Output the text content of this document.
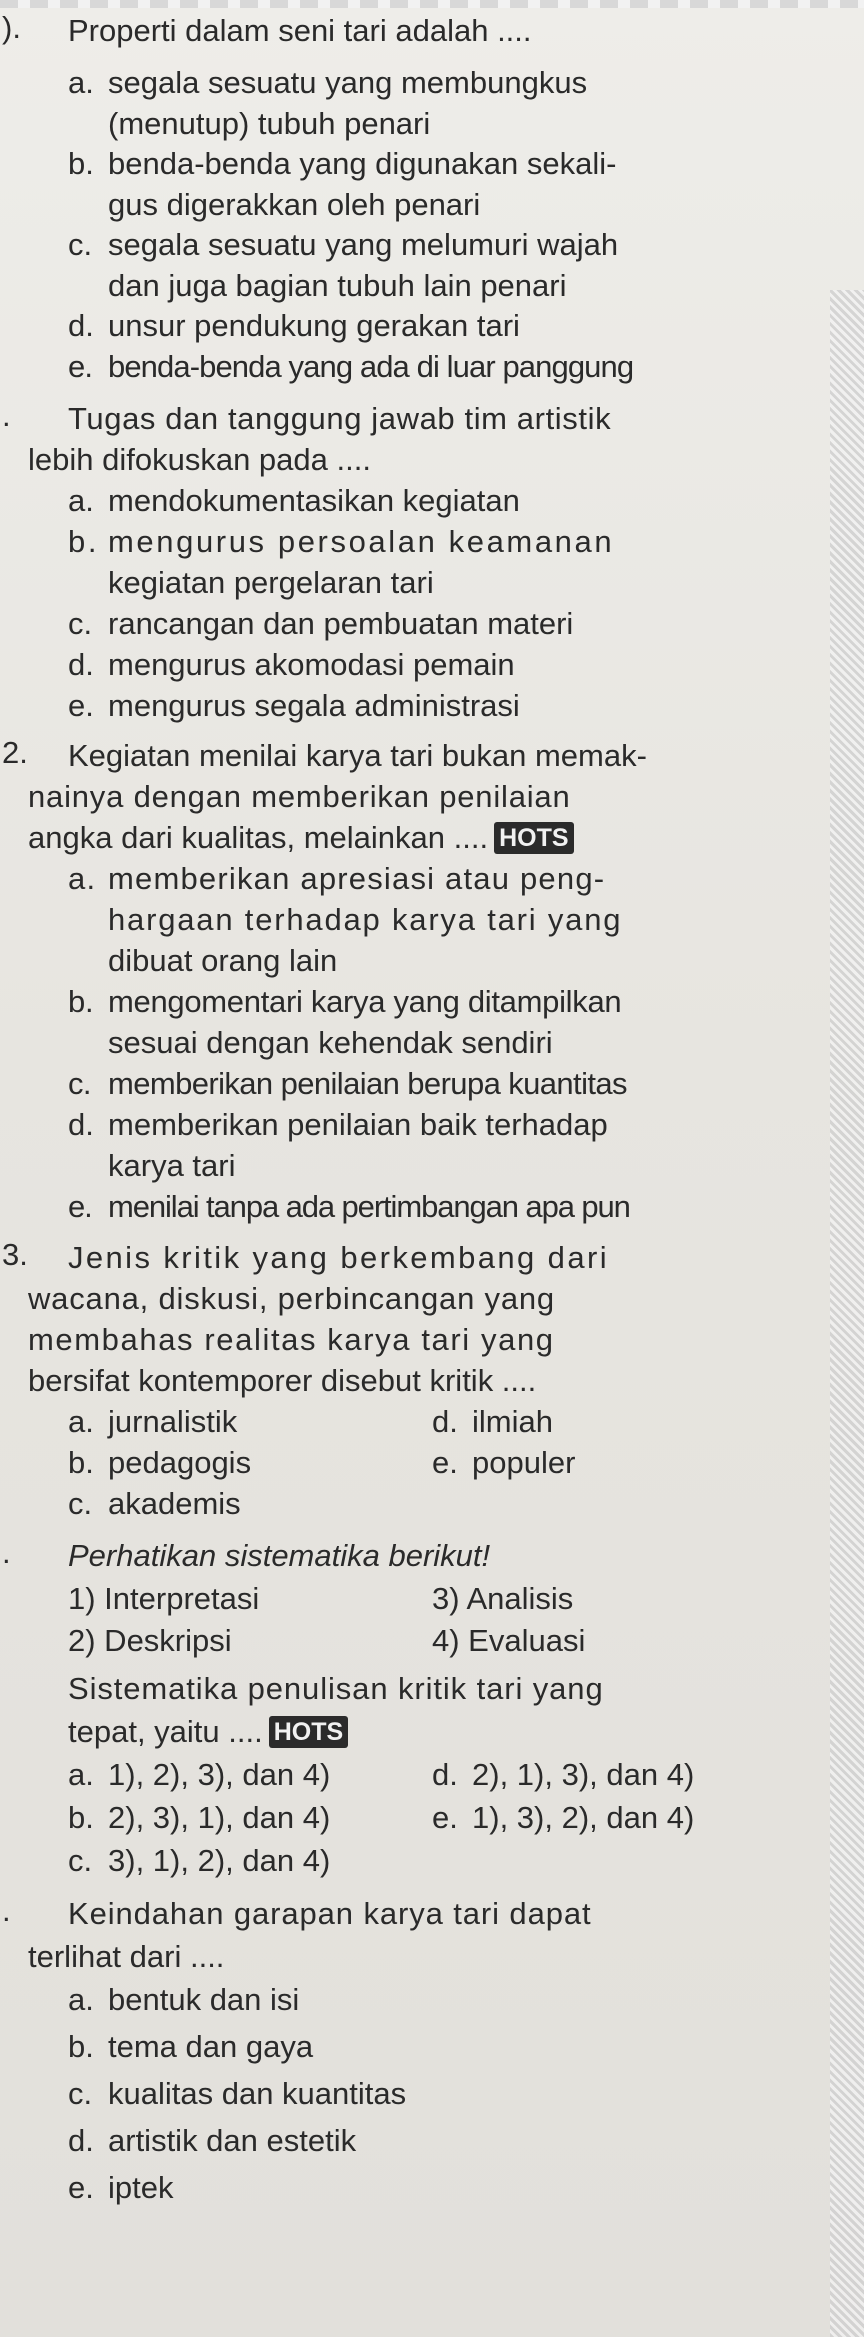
). Properti dalam seni tari adalah ....
a. segala sesuatu yang membungkus
(menutup) tubuh penari
b. benda-benda yang digunakan sekali-
gus digerakkan oleh penari
c. segala sesuatu yang melumuri wajah
dan juga bagian tubuh lain penari
d. unsur pendukung gerakan tari
e. benda-benda yang ada di luar panggung
. Tugas dan tanggung jawab tim artistik
lebih difokuskan pada ....
a. mendokumentasikan kegiatan
b. mengurus persoalan keamanan
kegiatan pergelaran tari
c. rancangan dan pembuatan materi
d. mengurus akomodasi pemain
e. mengurus segala administrasi
2. Kegiatan menilai karya tari bukan memak-
nainya dengan memberikan penilaian
angka dari kualitas, melainkan .... HOTS
a. memberikan apresiasi atau peng-
hargaan terhadap karya tari yang
dibuat orang lain
b. mengomentari karya yang ditampilkan
sesuai dengan kehendak sendiri
c. memberikan penilaian berupa kuantitas
d. memberikan penilaian baik terhadap
karya tari
e. menilai tanpa ada pertimbangan apa pun
3. Jenis kritik yang berkembang dari
wacana, diskusi, perbincangan yang
membahas realitas karya tari yang
bersifat kontemporer disebut kritik ....
a. jurnalistik	d. ilmiah
b. pedagogis	e. populer
c. akademis
. Perhatikan sistematika berikut!
1) Interpretasi	3) Analisis
2) Deskripsi	4) Evaluasi
Sistematika penulisan kritik tari yang
tepat, yaitu .... HOTS
a. 1), 2), 3), dan 4)	d. 2), 1), 3), dan 4)
b. 2), 3), 1), dan 4)	e. 1), 3), 2), dan 4)
c. 3), 1), 2), dan 4)
. Keindahan garapan karya tari dapat
terlihat dari ....
a. bentuk dan isi
b. tema dan gaya
c. kualitas dan kuantitas
d. artistik dan estetik
e. iptek
